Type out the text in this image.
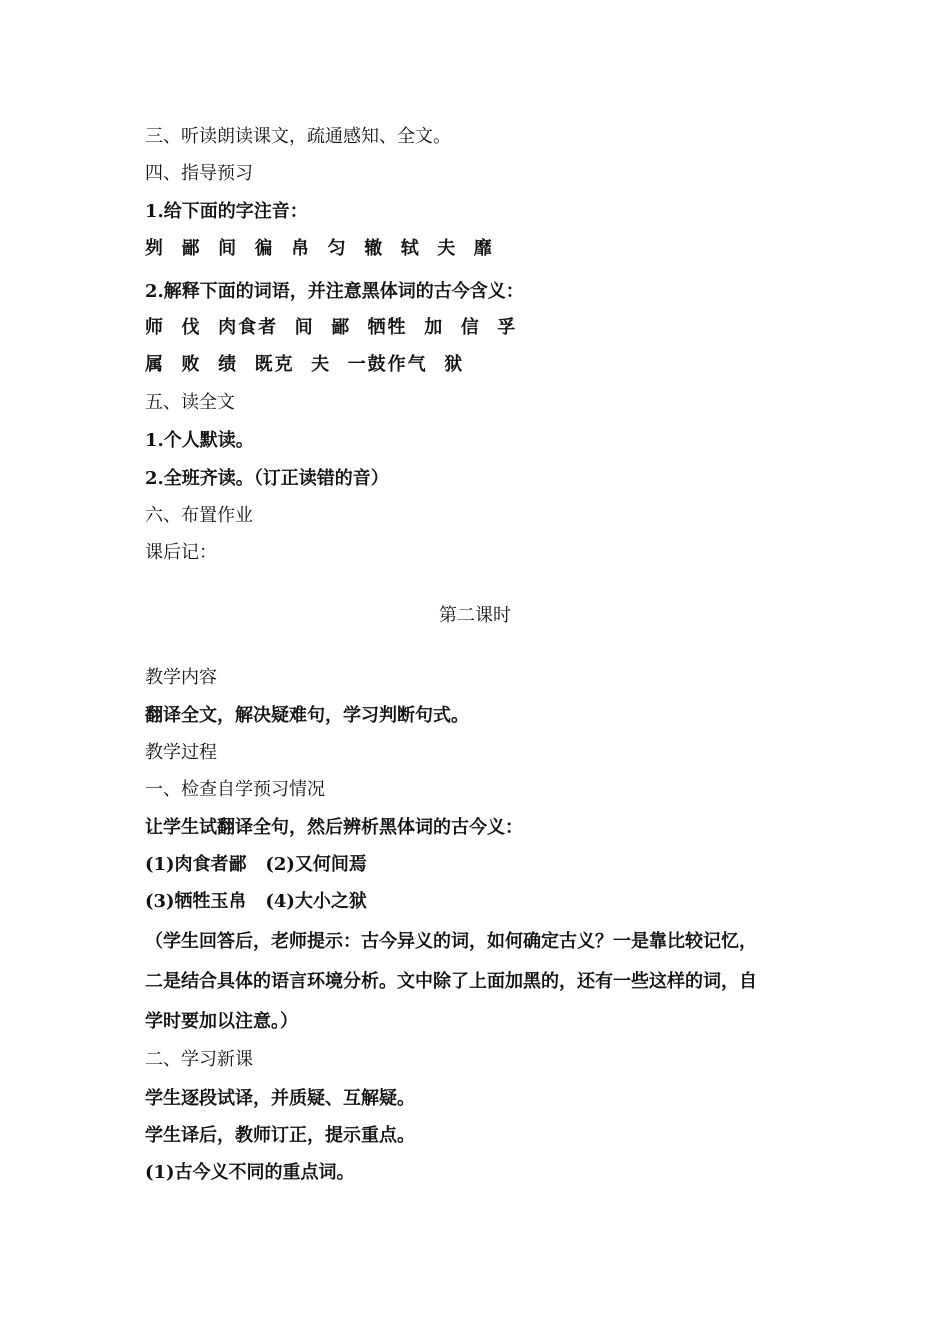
三、听读朗读课文，疏通感知、全文。
四、指导预习
1.给下面的字注音：
刿  鄙  间  徧  帛  匀  辙  轼  夫  靡
2.解释下面的词语，并注意黑体词的古今含义：
师  伐  肉食者  间  鄙  牺牲  加  信  孚
属  败  绩  既克  夫  一鼓作气  狱
五、读全文
1.个人默读。
2.全班齐读。（订正读错的音）
六、布置作业
课后记：
第二课时
教学内容
翻译全文，解决疑难句，学习判断句式。
教学过程
一、检查自学预习情况
让学生试翻译全句，然后辨析黑体词的古今义：
(1)肉食者鄙   (2)又何间焉
(3)牺牲玉帛   (4)大小之狱
（学生回答后，老师提示：古今异义的词，如何确定古义？一是靠比较记忆，
二是结合具体的语言环境分析。文中除了上面加黑的，还有一些这样的词，自
学时要加以注意。）
二、学习新课
学生逐段试译，并质疑、互解疑。
学生译后，教师订正，提示重点。
(1)古今义不同的重点词。
